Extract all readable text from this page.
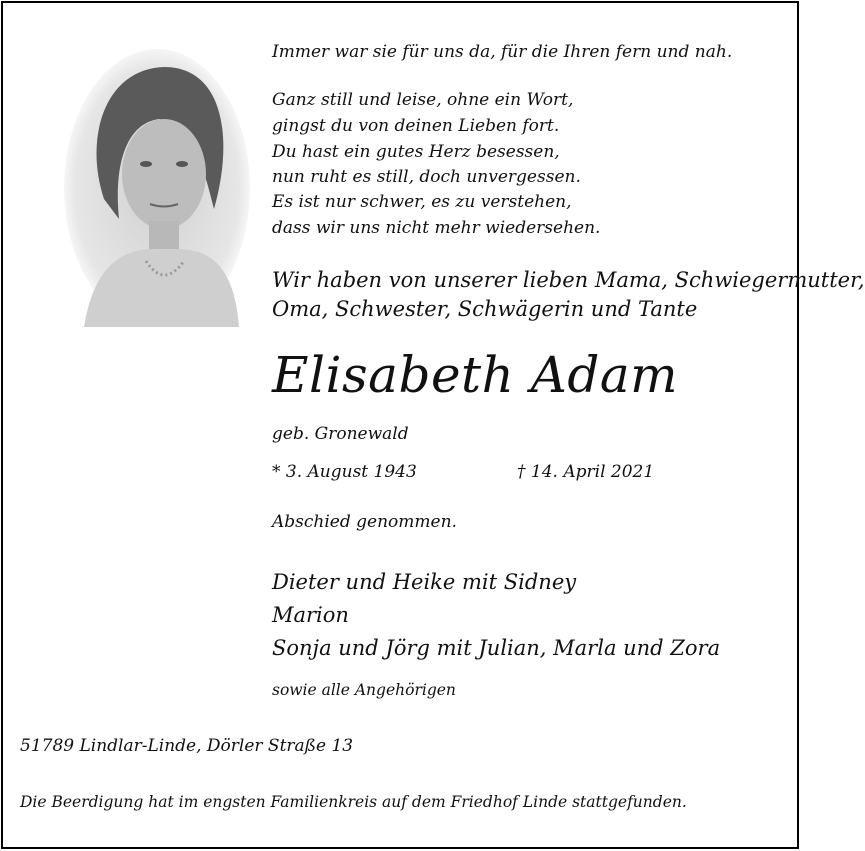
Immer war sie für uns da, für die Ihren fern und nah.
Ganz still und leise, ohne ein Wort,
gingst du von deinen Lieben fort.
Du hast ein gutes Herz besessen,
nun ruht es still, doch unvergessen.
Es ist nur schwer, es zu verstehen,
dass wir uns nicht mehr wiedersehen.
Wir haben von unserer lieben Mama, Schwiegermutter,
Oma, Schwester, Schwägerin und Tante
Elisabeth Adam
geb. Gronewald
* 3. August 1943	† 14. April 2021
Abschied genommen.
Dieter und Heike mit Sidney
Marion
Sonja und Jörg mit Julian, Marla und Zora
sowie alle Angehörigen
51789 Lindlar-Linde, Dörler Straße 13
Die Beerdigung hat im engsten Familienkreis auf dem Friedhof Linde stattgefunden.
